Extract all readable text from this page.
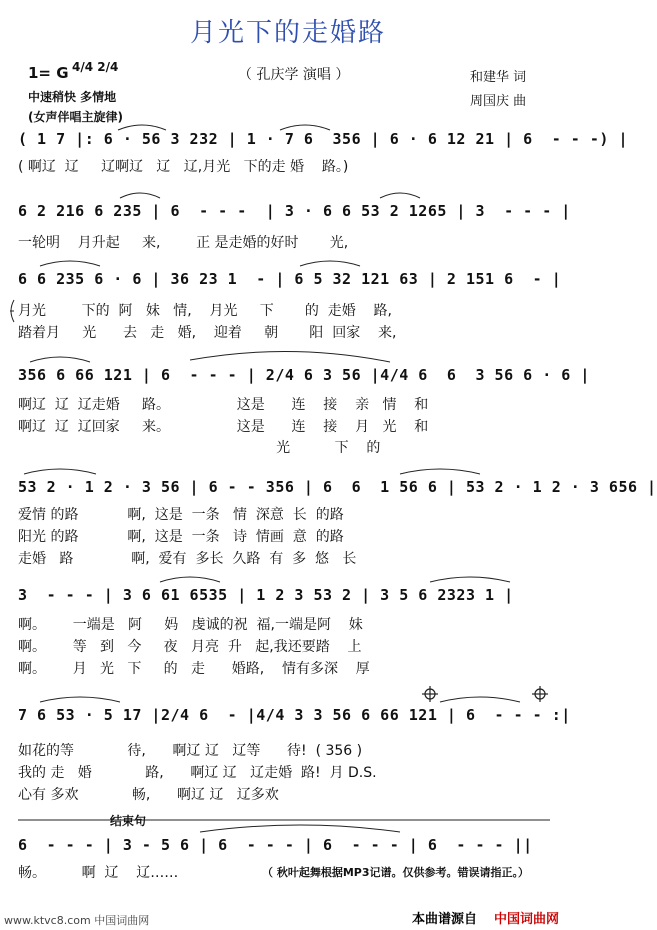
月光下的走婚路
1= G 4/4 2/4	（ 孔庆学 演唱 ）	和建华 词
周国庆 曲
中速稍快 多情地
(女声伴唱主旋律)
( 1 7 |: 6 · 56 3 232 | 1 · 7 6  356 | 6 · 6 12 21 | 6  - - -) |
( 啊辽  辽     辽啊辽   辽   辽,月光   下的走 婚    路。)
6 2 216 6 235 | 6  - - -  | 3 · 6 6 53 2 1265 | 3  - - - |
一轮明    月升起     来,        正 是走婚的好时       光,
6 6 235 6 · 6 | 36 23 1  - | 6 5 32 121 63 | 2 151 6  - |
月光        下的  阿   妹   情,    月光     下       的  走婚    路,
踏着月     光      去   走   婚,    迎着     朝       阳  回家    来,
356 6 66 121 | 6  - - - | 2/4 6 3 56 |4/4 6  6  3 56 6 · 6 |
啊辽  辽  辽走婚     路。               这是      连    接    亲   情    和
啊辽  辽  辽回家     来。               这是      连    接    月   光    和
光          下    的
53 2 · 1 2 · 3 56 | 6 - - 356 | 6  6  1 56 6 | 53 2 · 1 2 · 3 656 |
爱情 的路           啊,  这是  一条   情  深意  长  的路
阳光 的路           啊,  这是  一条   诗  情画  意  的路
走婚   路             啊,  爱有  多长  久路  有  多  悠   长
3  - - - | 3 6 61 6535 | 1 2 3 53 2 | 3 5 6 2323 1 |
啊。      一端是   阿     妈   虔诚的祝  福,一端是阿    妹
啊。      等   到   今     夜   月亮  升   起,我还要踏    上
啊。      月   光   下     的   走      婚路,    情有多深    厚
7 6 53 · 5 17 |2/4 6  - |4/4 3 3 56 6 66 121 | 6  - - - :|
如花的等            待,      啊辽 辽   辽等      待!  ( 356 )
我的 走   婚            路,      啊辽 辽   辽走婚  路!  月 D.S.
心有 多欢            畅,      啊辽 辽   辽多欢
6  - - - | 3 - 5 6 | 6  - - - | 6  - - - | 6  - - - ||
畅。        啊  辽    辽……
结束句
（ 秋叶起舞根据MP3记谱。仅供参考。错误请指正。）
www.ktvc8.com 中国词曲网	本曲谱源自 中国词曲网
